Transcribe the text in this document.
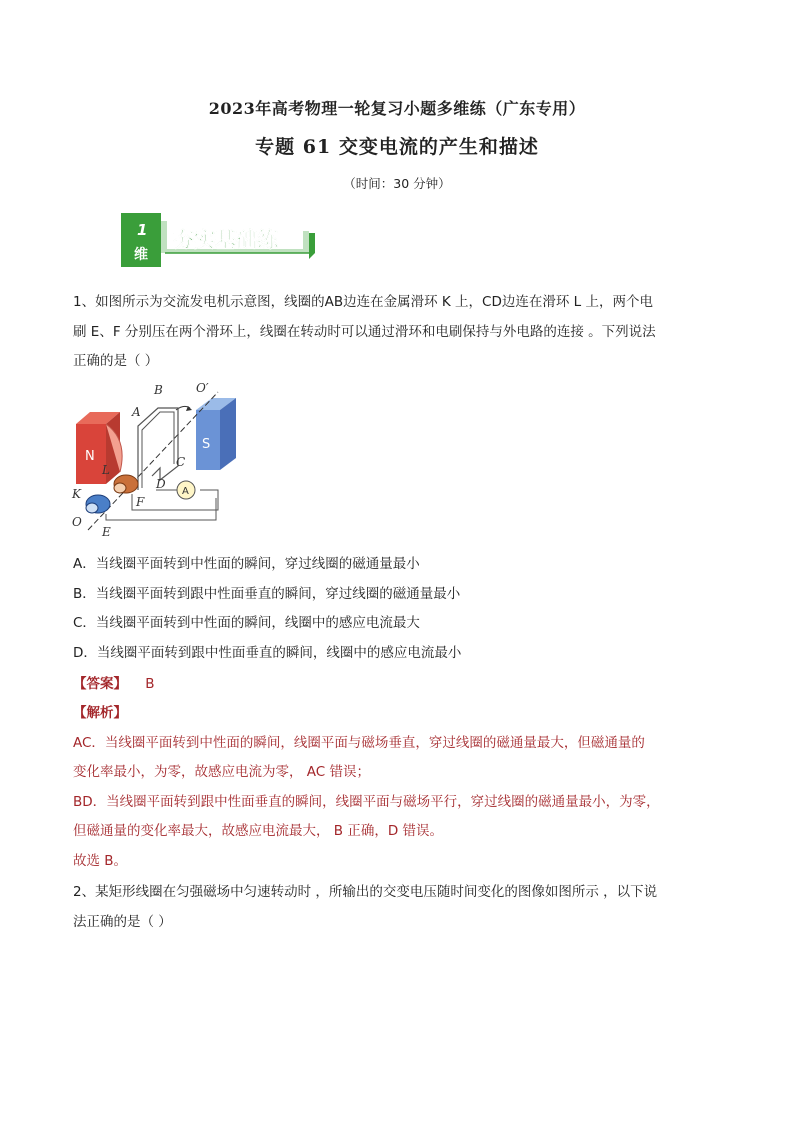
2023年高考物理一轮复习小题多维练（广东专用）
专题 61 交变电流的产生和描述
（时间：30 分钟）
1
维
夯实基础练
1、如图所示为交流发电机示意图，线圈的AB边连在金属滑环 K 上，CD边连在滑环 L 上，两个电
刷 E、F 分别压在两个滑环上，线圈在转动时可以通过滑环和电刷保持与外电路的连接 。下列说法
正确的是（ ）
N
S
A
B
A
O′
C
D
L
K
F
O
E
A．当线圈平面转到中性面的瞬间，穿过线圈的磁通量最小
B．当线圈平面转到跟中性面垂直的瞬间，穿过线圈的磁通量最小
C．当线圈平面转到中性面的瞬间，线圈中的感应电流最大
D．当线圈平面转到跟中性面垂直的瞬间，线圈中的感应电流最小
【答案】 B
【解析】
AC．当线圈平面转到中性面的瞬间，线圈平面与磁场垂直，穿过线圈的磁通量最大，但磁通量的
变化率最小，为零，故感应电流为零， AC 错误；
BD．当线圈平面转到跟中性面垂直的瞬间，线圈平面与磁场平行，穿过线圈的磁通量最小，为零，
但磁通量的变化率最大，故感应电流最大， B 正确，D 错误。
故选 B。
2、某矩形线圈在匀强磁场中匀速转动时 ，所输出的交变电压随时间变化的图像如图所示 ，以下说
法正确的是（ ）
